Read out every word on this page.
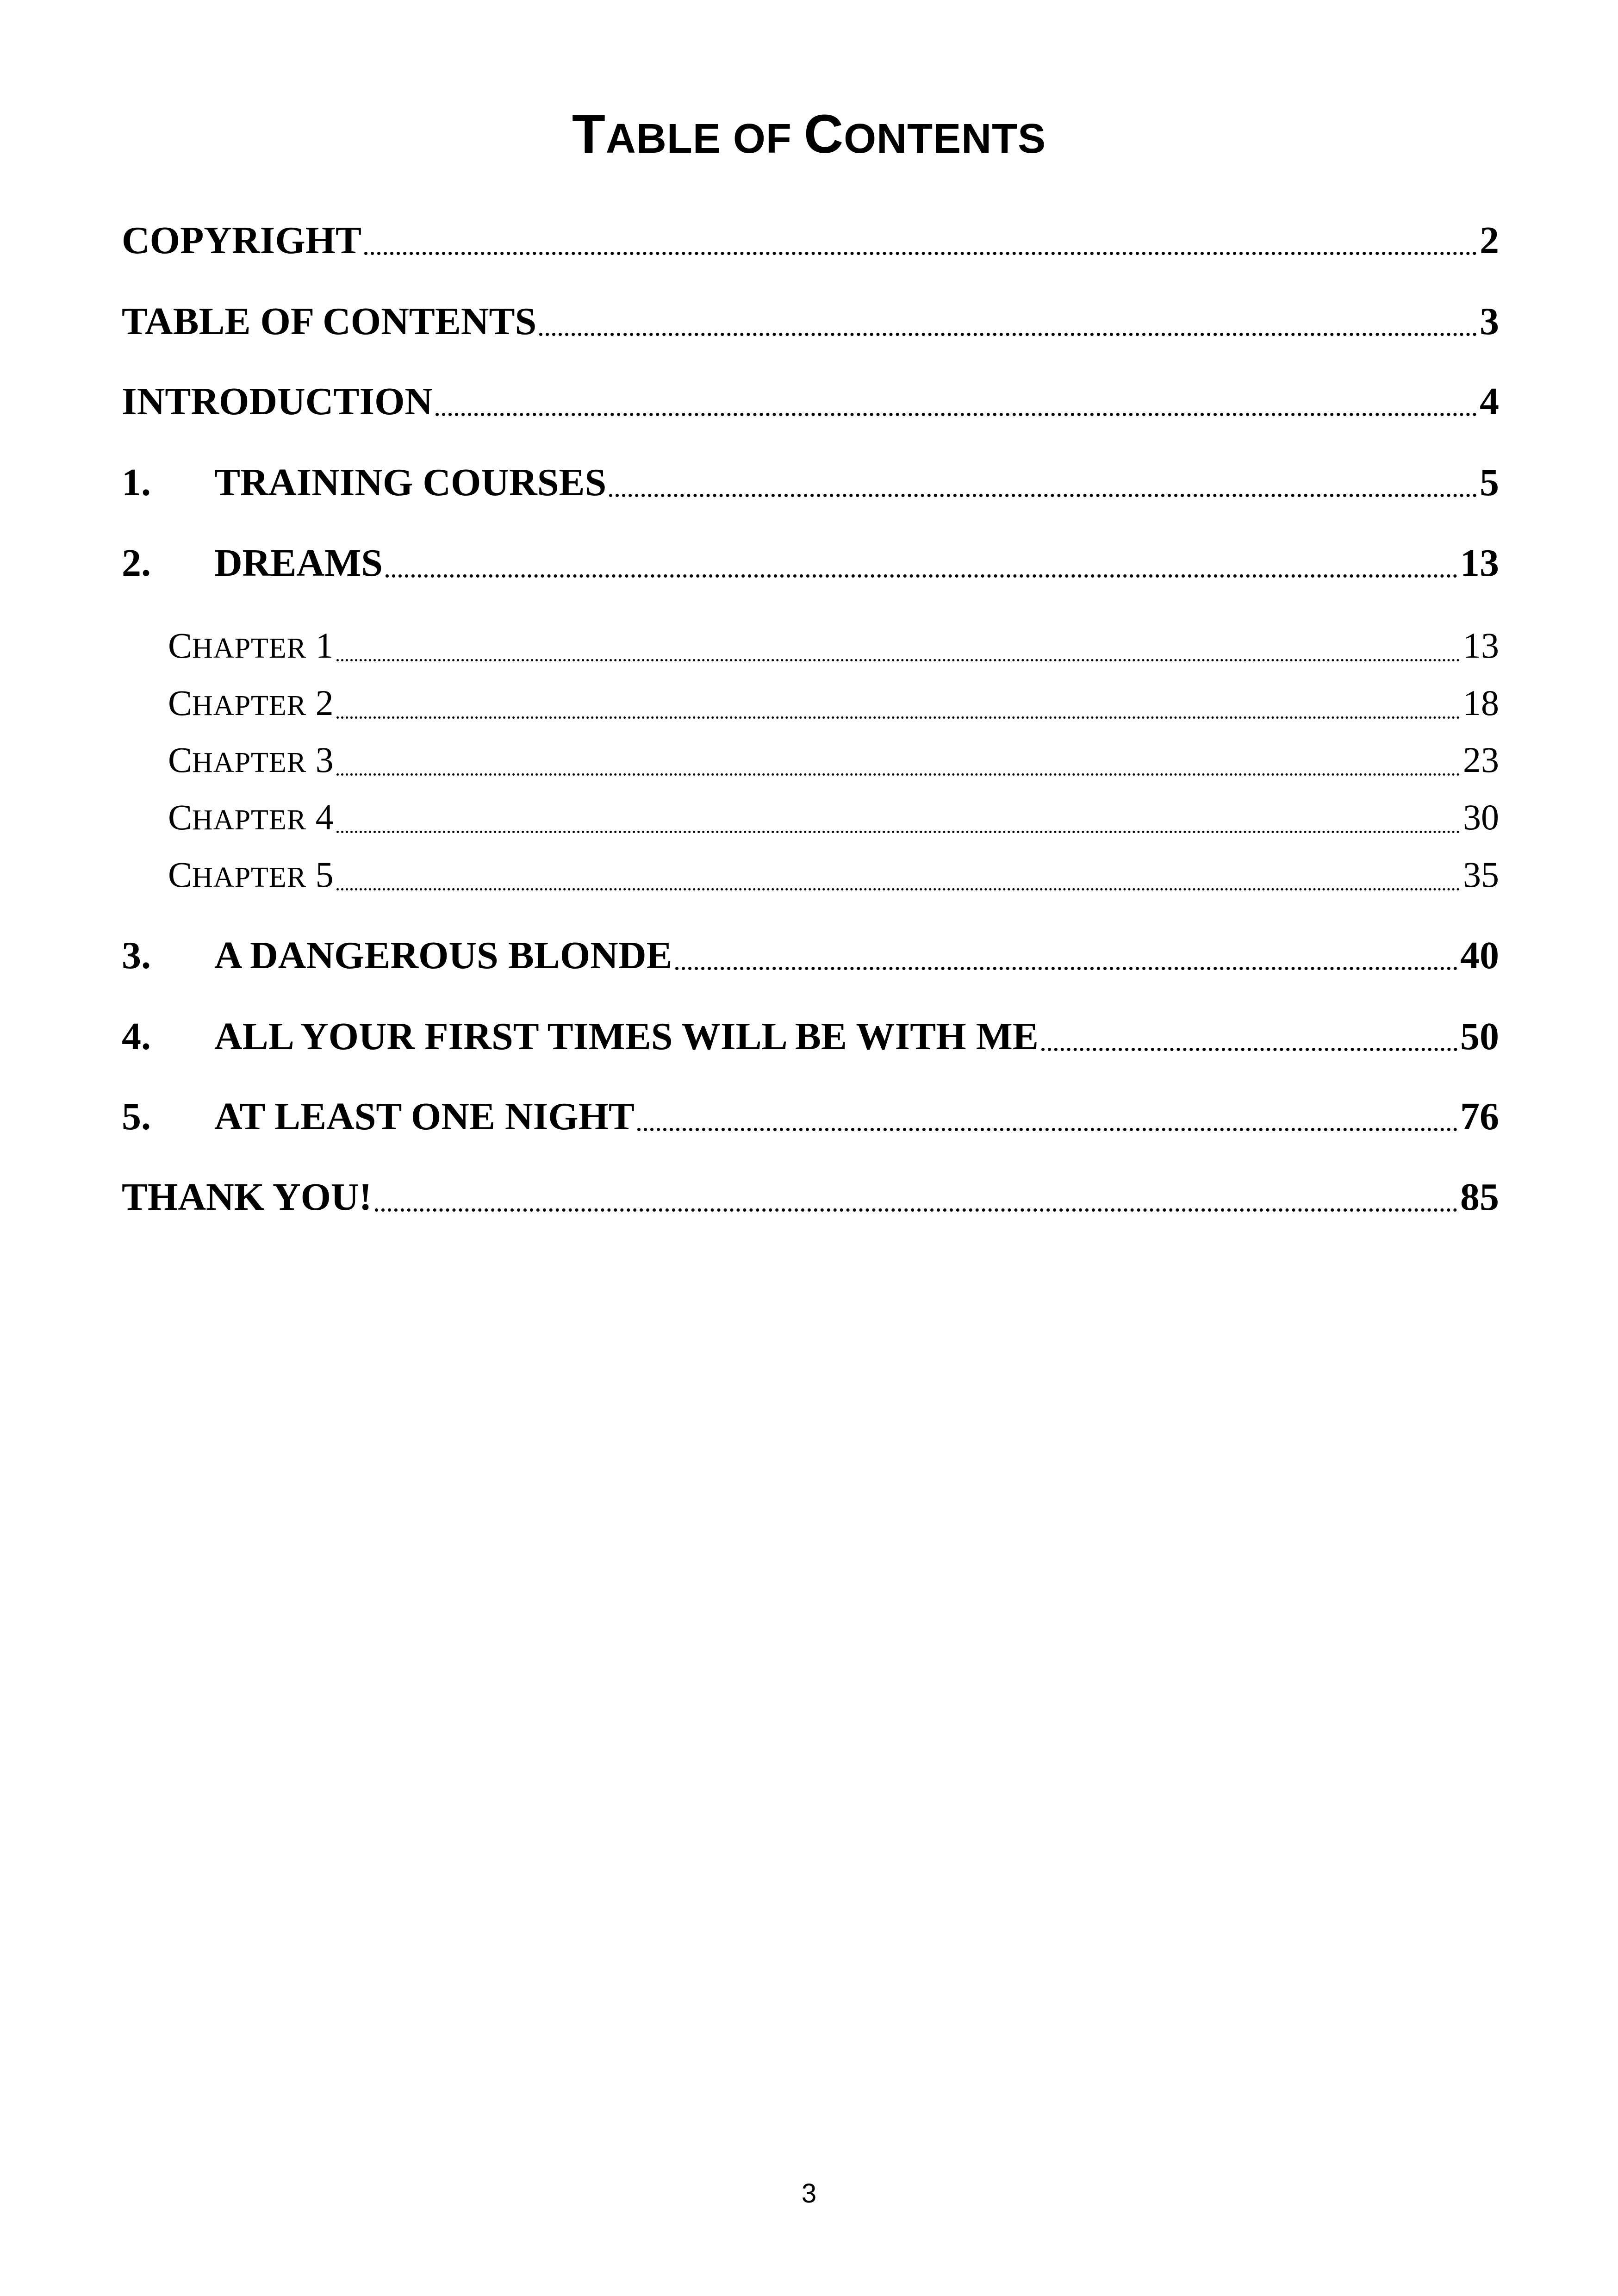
TABLE OF CONTENTS
COPYRIGHT	2
TABLE OF CONTENTS	3
INTRODUCTION	4
1.	TRAINING COURSES	5
2.	DREAMS	13
CHAPTER 1	13
CHAPTER 2	18
CHAPTER 3	23
CHAPTER 4	30
CHAPTER 5	35
3.	A DANGEROUS BLONDE	40
4.	ALL YOUR FIRST TIMES WILL BE WITH ME	50
5.	AT LEAST ONE NIGHT	76
THANK YOU!	85
3
